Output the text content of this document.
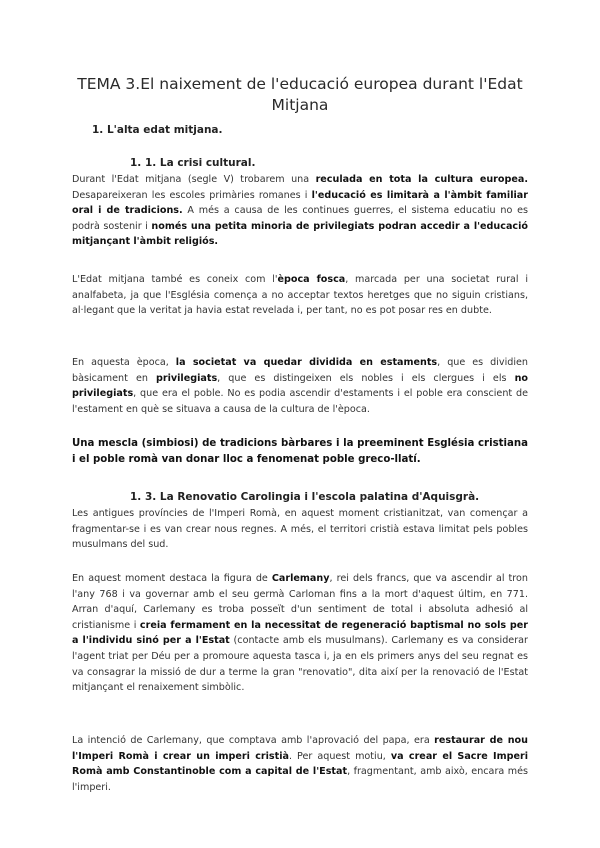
TEMA 3.El naixement de l'educació europea durant l'Edat Mitjana
1. L'alta edat mitjana.
1. 1. La crisi cultural.

Durant l'Edat mitjana (segle V) trobarem una reculada en tota la cultura europea. Desapareixeran les escoles primàries romanes i l'educació es limitarà a l'àmbit familiar oral i de tradicions. A més a causa de les continues guerres, el sistema educatiu no es podrà sostenir i només una petita minoria de privilegiats podran accedir a l'educació mitjançant l'àmbit religiós.

L'Edat mitjana també es coneix com l'època fosca, marcada per una societat rural i analfabeta, ja que l'Església comença a no acceptar textos heretges que no siguin cristians, al·legant que la veritat ja havia estat revelada i, per tant, no es pot posar res en dubte.

En aquesta època, la societat va quedar dividida en estaments, que es dividien bàsicament en privilegiats, que es distingeixen els nobles i els clergues i els no privilegiats, que era el poble. No es podia ascendir d'estaments i el poble era conscient de l'estament en què se situava a causa de la cultura de l'època.

Una mescla (simbiosi) de tradicions bàrbares i la preeminent Església cristiana i el poble romà van donar lloc a fenomenat poble greco-llatí.

1. 3. La Renovatio Carolingia i l'escola palatina d'Aquisgrà.

Les antigues províncies de l'Imperi Romà, en aquest moment cristianitzat, van començar a fragmentar-se i es van crear nous regnes. A més, el territori cristià estava limitat pels pobles musulmans del sud.

En aquest moment destaca la figura de Carlemany, rei dels francs, que va ascendir al tron l'any 768 i va governar amb el seu germà Carloman fins a la mort d'aquest últim, en 771. Arran d'aquí, Carlemany es troba posseït d'un sentiment de total i absoluta adhesió al cristianisme i creia fermament en la necessitat de regeneració baptismal no sols per a l'individu sinó per a l'Estat (contacte amb els musulmans). Carlemany es va considerar l'agent triat per Déu per a promoure aquesta tasca i, ja en els primers anys del seu regnat es va consagrar la missió de dur a terme la gran "renovatio", dita així per la renovació de l'Estat mitjançant el renaixement simbòlic.

La intenció de Carlemany, que comptava amb l'aprovació del papa, era restaurar de nou l'Imperi Romà i crear un imperi cristià. Per aquest motiu, va crear el Sacre Imperi Romà amb Constantinoble com a capital de l'Estat, fragmentant, amb això, encara més l'imperi.
